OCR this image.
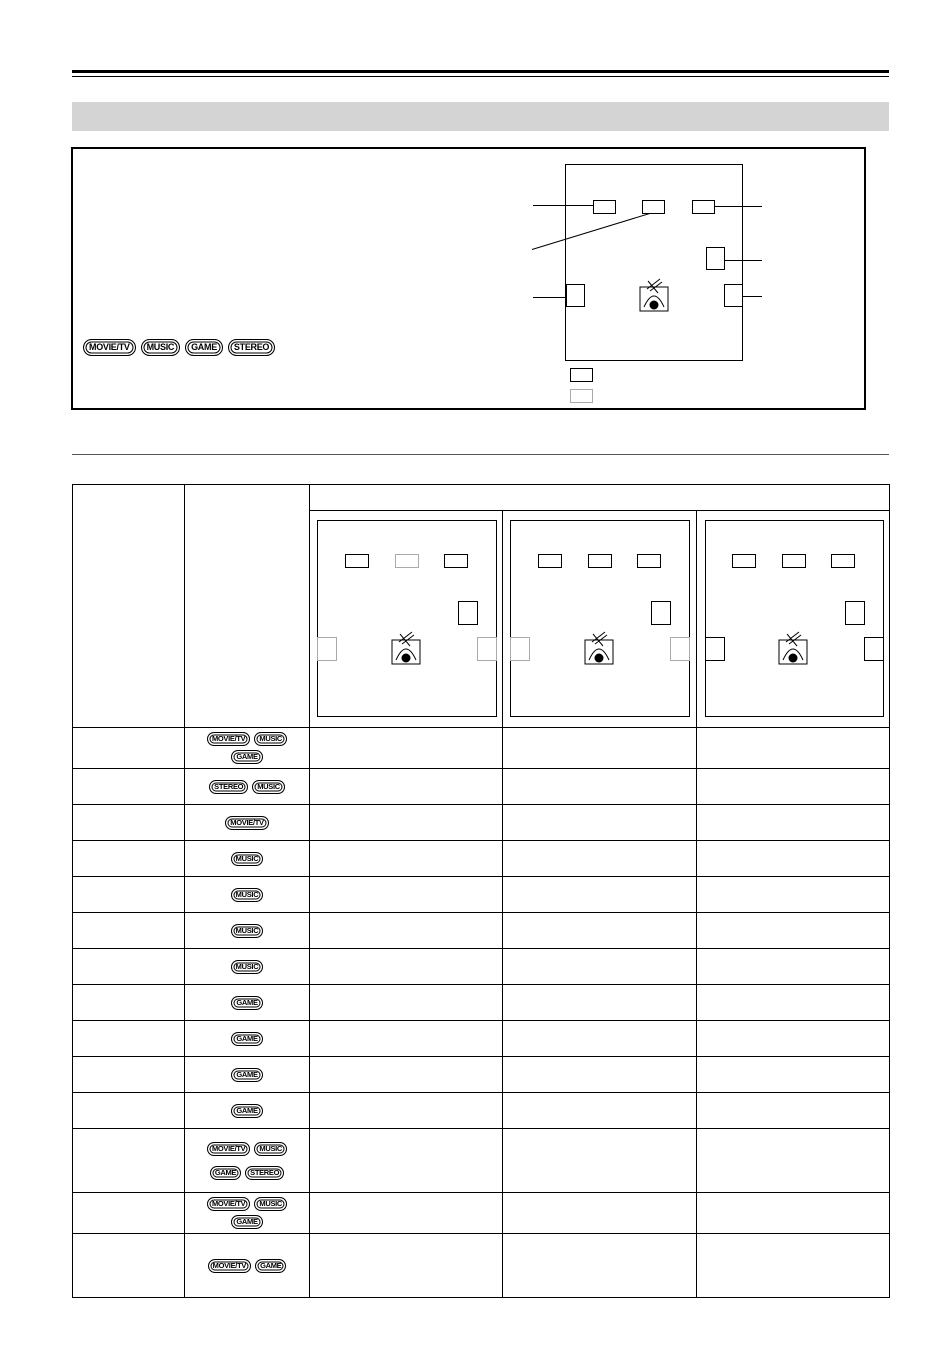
MOVIE/TV	MUSIC	GAME	STEREO

	MOVIE/TV MUSIC
GAME			

	STEREO MUSIC			

	MOVIE/TV			

	MUSIC			

	MUSIC			

	MUSIC			

	MUSIC			

	GAME			

	GAME			

	GAME			

	GAME			

	MOVIE/TV MUSIC
GAME STEREO			

	MOVIE/TV MUSIC
GAME			

	MOVIE/TV GAME			
